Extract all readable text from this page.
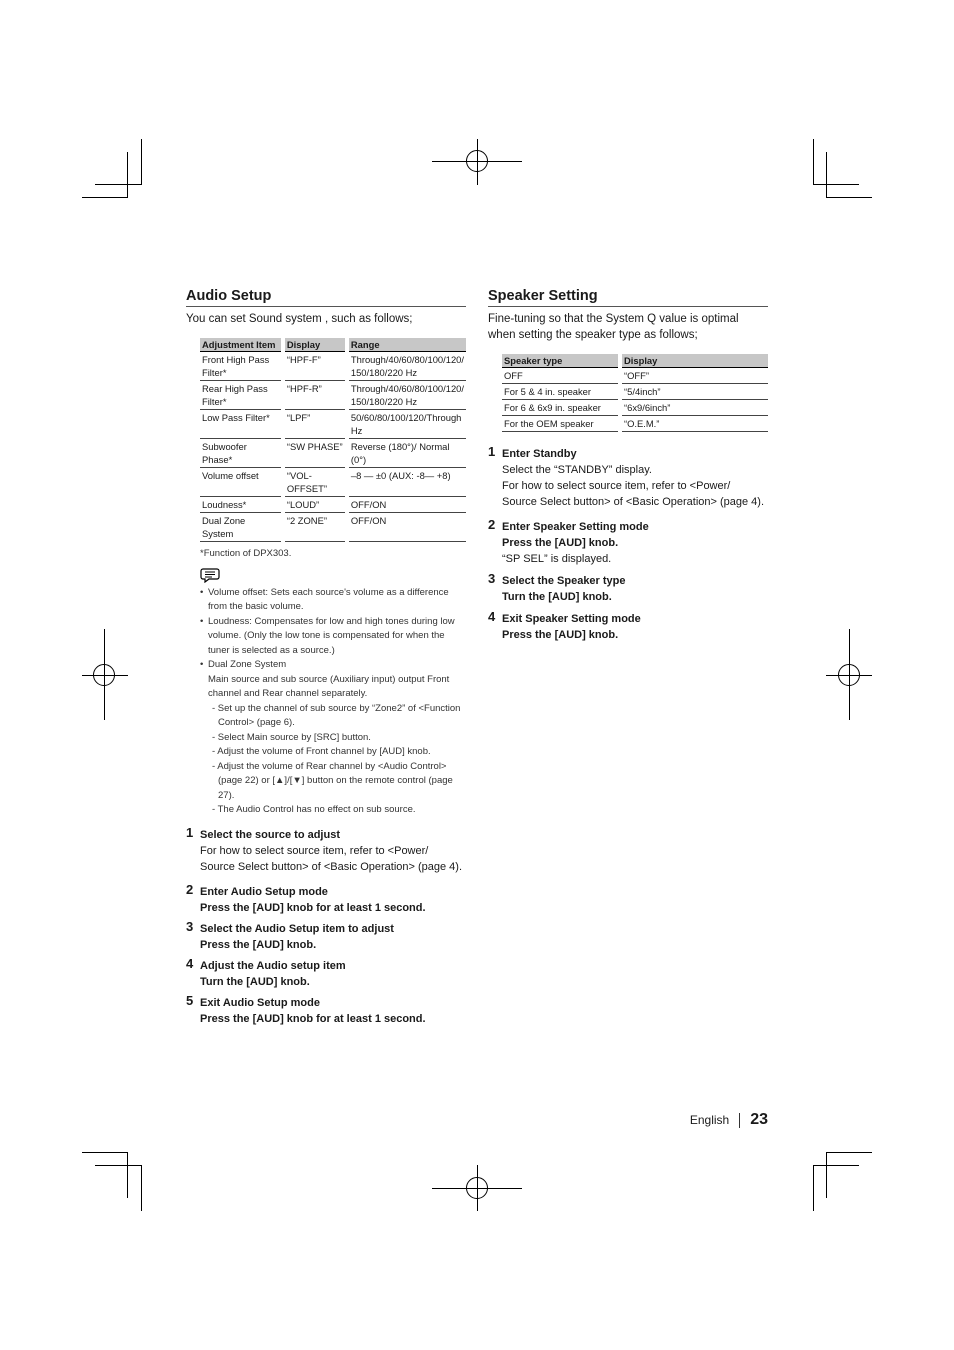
Audio Setup

You can set Sound system , such as follows;

Adjustment Item	Display	Range
Front High Pass Filter*	“HPF-F”	Through/40/60/80/100/120/ 150/180/220 Hz
Rear High Pass Filter*	“HPF-R”	Through/40/60/80/100/120/ 150/180/220 Hz
Low Pass Filter*	“LPF”	50/60/80/100/120/Through Hz
Subwoofer Phase*	“SW PHASE”	Reverse (180°)/ Normal (0°)
Volume offset	“VOL-OFFSET”	–8 — ±0 (AUX: -8— +8)
Loudness*	“LOUD”	OFF/ON
Dual Zone System	“2 ZONE”	OFF/ON
*Function of DPX303.
• Volume offset: Sets each source's volume as a difference from the basic volume.
• Loudness: Compensates for low and high tones during low volume. (Only the low tone is compensated for when the tuner is selected as a source.)
• Dual Zone System
Main source and sub source (Auxiliary input) output Front channel and Rear channel separately.
- Set up the channel of sub source by “Zone2” of <Function Control> (page 6).
- Select Main source by [SRC] button.
- Adjust the volume of Front channel by [AUD] knob.
- Adjust the volume of Rear channel by <Audio Control> (page 22) or [▲]/[▼] button on the remote control (page 27).
- The Audio Control has no effect on sub source.
1 Select the source to adjust
For how to select source item, refer to <Power/ Source Select button> of <Basic Operation> (page 4).
2 Enter Audio Setup mode
Press the [AUD] knob for at least 1 second.
3 Select the Audio Setup item to adjust
Press the [AUD] knob.
4 Adjust the Audio setup item
Turn the [AUD] knob.
5 Exit Audio Setup mode
Press the [AUD] knob for at least 1 second.
Speaker Setting

Fine-tuning so that the System Q value is optimal when setting the speaker type as follows;

Speaker type	Display
OFF	“OFF”
For 5 & 4 in. speaker	“5/4inch”
For 6 & 6x9 in. speaker	“6x9/6inch”
For the OEM speaker	“O.E.M.”
1 Enter Standby
Select the “STANDBY” display.
For how to select source item, refer to <Power/ Source Select button> of <Basic Operation> (page 4).
2 Enter Speaker Setting mode
Press the [AUD] knob.
“SP SEL” is displayed.
3 Select the Speaker type
Turn the [AUD] knob.
4 Exit Speaker Setting mode
Press the [AUD] knob.
English 23
